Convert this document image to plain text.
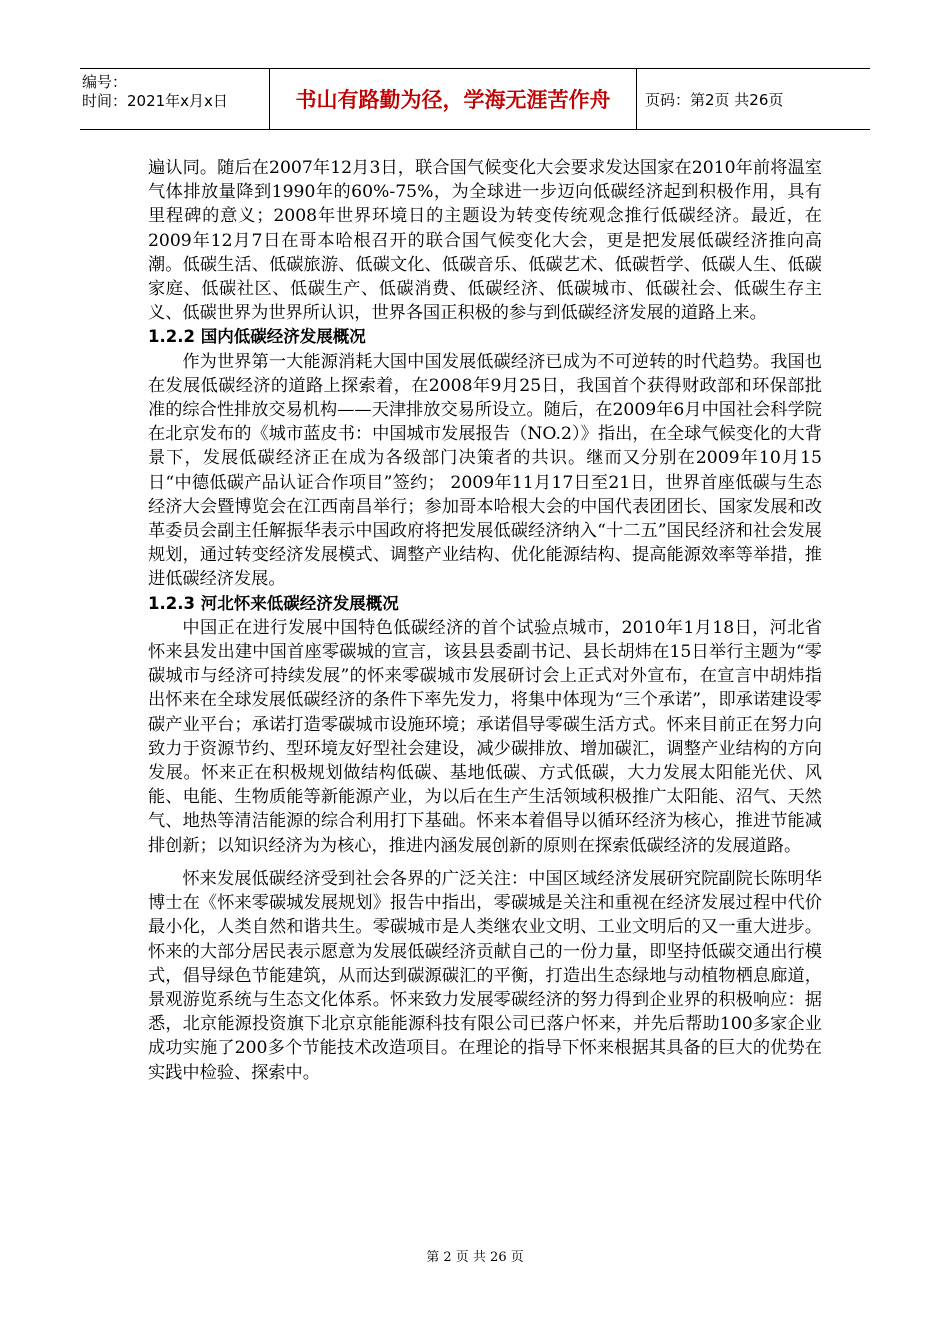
编号：
时间：2021年x月x日	书山有路勤为径，学海无涯苦作舟	页码：第2页 共26页

遍认同。随后在2007年12月3日，联合国气候变化大会要求发达国家在2010年前将温室气体排放量降到1990年的60%-75%，为全球进一步迈向低碳经济起到积极作用，具有里程碑的意义；2008年世界环境日的主题设为转变传统观念推行低碳经济。最近，在2009年12月7日在哥本哈根召开的联合国气候变化大会，更是把发展低碳经济推向高潮。低碳生活、低碳旅游、低碳文化、低碳音乐、低碳艺术、低碳哲学、低碳人生、低碳家庭、低碳社区、低碳生产、低碳消费、低碳经济、低碳城市、低碳社会、低碳生存主义、低碳世界为世界所认识，世界各国正积极的参与到低碳经济发展的道路上来。

1.2.2 国内低碳经济发展概况

作为世界第一大能源消耗大国中国发展低碳经济已成为不可逆转的时代趋势。我国也在发展低碳经济的道路上探索着，在2008年9月25日，我国首个获得财政部和环保部批准的综合性排放交易机构——天津排放交易所设立。随后，在2009年6月中国社会科学院在北京发布的《城市蓝皮书：中国城市发展报告（NO.2）》指出，在全球气候变化的大背景下，发展低碳经济正在成为各级部门决策者的共识。继而又分别在2009年10月15日“中德低碳产品认证合作项目”签约； 2009年11月17日至21日，世界首座低碳与生态经济大会暨博览会在江西南昌举行；参加哥本哈根大会的中国代表团团长、国家发展和改革委员会副主任解振华表示中国政府将把发展低碳经济纳入“十二五”国民经济和社会发展规划，通过转变经济发展模式、调整产业结构、优化能源结构、提高能源效率等举措，推进低碳经济发展。

1.2.3 河北怀来低碳经济发展概况

中国正在进行发展中国特色低碳经济的首个试验点城市，2010年1月18日，河北省怀来县发出建中国首座零碳城的宣言，该县县委副书记、县长胡炜在15日举行主题为“零碳城市与经济可持续发展”的怀来零碳城市发展研讨会上正式对外宣布，在宣言中胡炜指出怀来在全球发展低碳经济的条件下率先发力，将集中体现为“三个承诺”，即承诺建设零碳产业平台；承诺打造零碳城市设施环境；承诺倡导零碳生活方式。怀来目前正在努力向致力于资源节约、型环境友好型社会建设，减少碳排放、增加碳汇，调整产业结构的方向发展。怀来正在积极规划做结构低碳、基地低碳、方式低碳，大力发展太阳能光伏、风能、电能、生物质能等新能源产业，为以后在生产生活领域积极推广太阳能、沼气、天然气、地热等清洁能源的综合利用打下基础。怀来本着倡导以循环经济为核心，推进节能减排创新；以知识经济为为核心，推进内涵发展创新的原则在探索低碳经济的发展道路。

怀来发展低碳经济受到社会各界的广泛关注：中国区域经济发展研究院副院长陈明华博士在《怀来零碳城发展规划》报告中指出，零碳城是关注和重视在经济发展过程中代价最小化，人类自然和谐共生。零碳城市是人类继农业文明、工业文明后的又一重大进步。怀来的大部分居民表示愿意为发展低碳经济贡献自己的一份力量，即坚持低碳交通出行模式，倡导绿色节能建筑，从而达到碳源碳汇的平衡，打造出生态绿地与动植物栖息廊道，景观游览系统与生态文化体系。怀来致力发展零碳经济的努力得到企业界的积极响应：据悉，北京能源投资旗下北京京能能源科技有限公司已落户怀来，并先后帮助100多家企业成功实施了200多个节能技术改造项目。在理论的指导下怀来根据其具备的巨大的优势在实践中检验、探索中。

第 2 页 共 26 页
